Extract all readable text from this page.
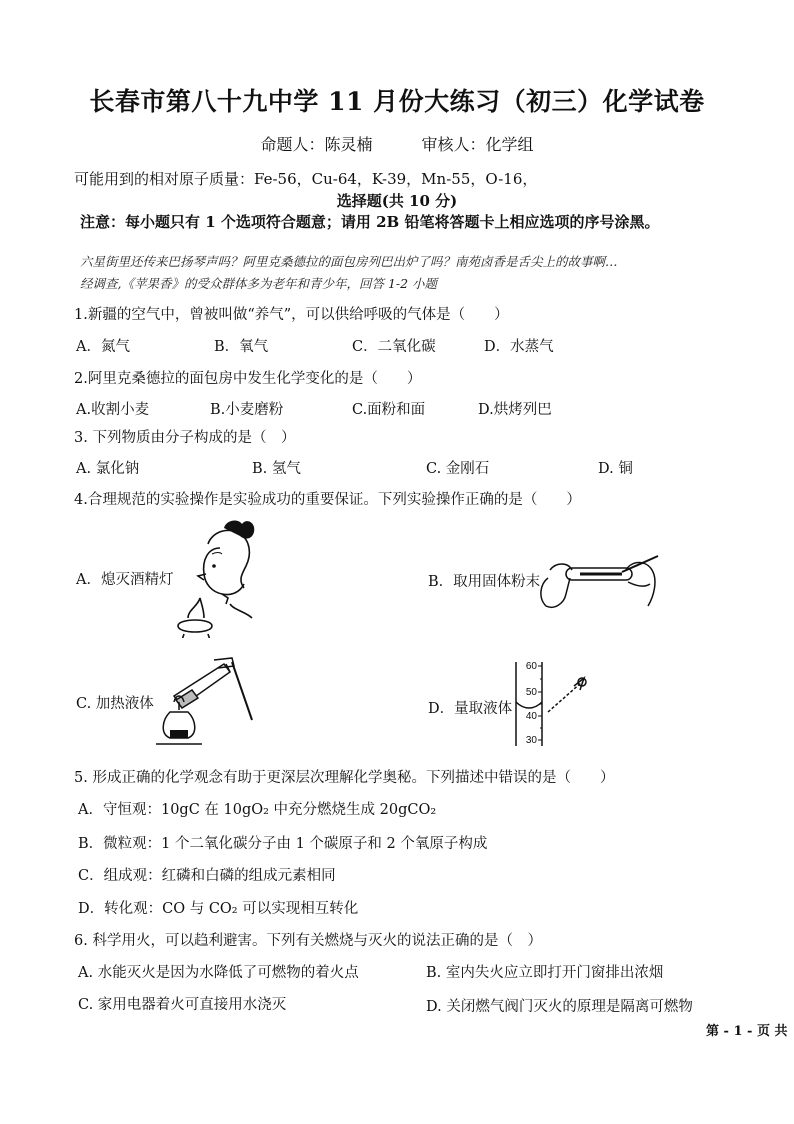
长春市第八十九中学 11 月份大练习（初三）化学试卷
命题人：陈灵楠	审核人：化学组
可能用到的相对原子质量：Fe-56，Cu-64，K-39，Mn-55，O-16，
选择题(共 10 分)
注意：每小题只有 1 个选项符合题意；请用 2B 铅笔将答题卡上相应选项的序号涂黑。
六星街里还传来巴扬琴声吗？阿里克桑德拉的面包房列巴出炉了吗？南苑卤香是舌尖上的故事啊…
经调查,《苹果香》的受众群体多为老年和青少年，回答 1-2 小题
1.新疆的空气中，曾被叫做“养气”，可以供给呼吸的气体是（　　）
A．氮气	B．氧气	C．二氧化碳	D．水蒸气
2.阿里克桑德拉的面包房中发生化学变化的是（　　）
A.收割小麦	B.小麦磨粉	C.面粉和面	D.烘烤列巴
3. 下列物质由分子构成的是（　）
A. 氯化钠	B. 氢气	C. 金刚石	D. 铜
4.合理规范的实验操作是实验成功的重要保证。下列实验操作正确的是（　　）
A．熄灭酒精灯	B．取用固体粉末
C. 加热液体	D．量取液体
60
50
40
30
5. 形成正确的化学观念有助于更深层次理解化学奥秘。下列描述中错误的是（　　）
A．守恒观：10gC 在 10gO₂ 中充分燃烧生成 20gCO₂
B．微粒观：1 个二氧化碳分子由 1 个碳原子和 2 个氧原子构成
C．组成观：红磷和白磷的组成元素相同
D．转化观：CO 与 CO₂ 可以实现相互转化
6. 科学用火，可以趋利避害。下列有关燃烧与灭火的说法正确的是（　）
A. 水能灭火是因为水降低了可燃物的着火点	B. 室内失火应立即打开门窗排出浓烟
C. 家用电器着火可直接用水浇灭	D. 关闭燃气阀门灭火的原理是隔离可燃物
第 - 1 - 页 共
